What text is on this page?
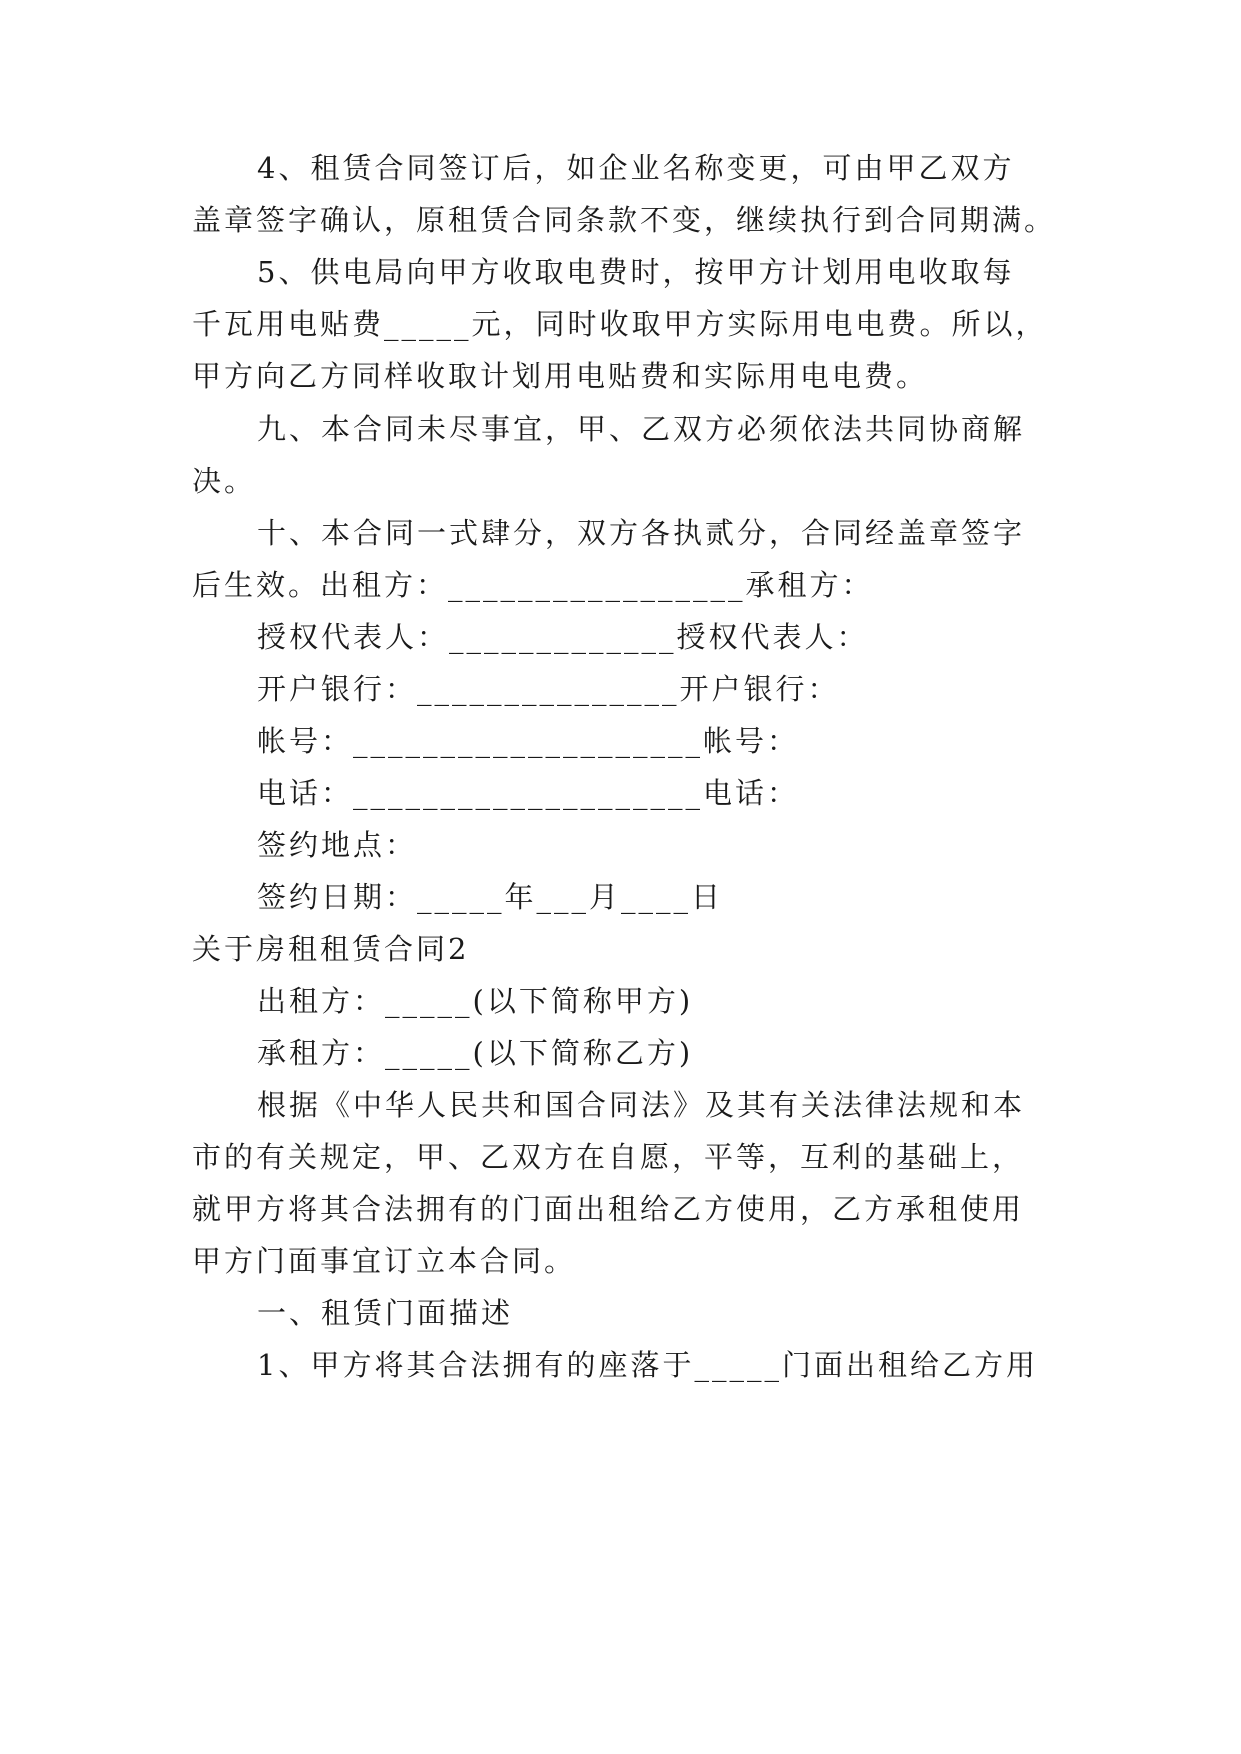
4、租赁合同签订后，如企业名称变更，可由甲乙双方
盖章签字确认，原租赁合同条款不变，继续执行到合同期满。
5、供电局向甲方收取电费时，按甲方计划用电收取每
千瓦用电贴费_____元，同时收取甲方实际用电电费。所以，
甲方向乙方同样收取计划用电贴费和实际用电电费。
九、本合同未尽事宜，甲、乙双方必须依法共同协商解
决。
十、本合同一式肆分，双方各执贰分，合同经盖章签字
后生效。出租方：_________________承租方：
授权代表人：_____________授权代表人：
开户银行：_______________开户银行：
帐号：____________________帐号：
电话：____________________电话：
签约地点：
签约日期：_____年___月____日
关于房租租赁合同2
出租方：_____(以下简称甲方)
承租方：_____(以下简称乙方)
根据《中华人民共和国合同法》及其有关法律法规和本
市的有关规定，甲、乙双方在自愿，平等，互利的基础上，
就甲方将其合法拥有的门面出租给乙方使用，乙方承租使用
甲方门面事宜订立本合同。
一、租赁门面描述
1、甲方将其合法拥有的座落于_____门面出租给乙方用
